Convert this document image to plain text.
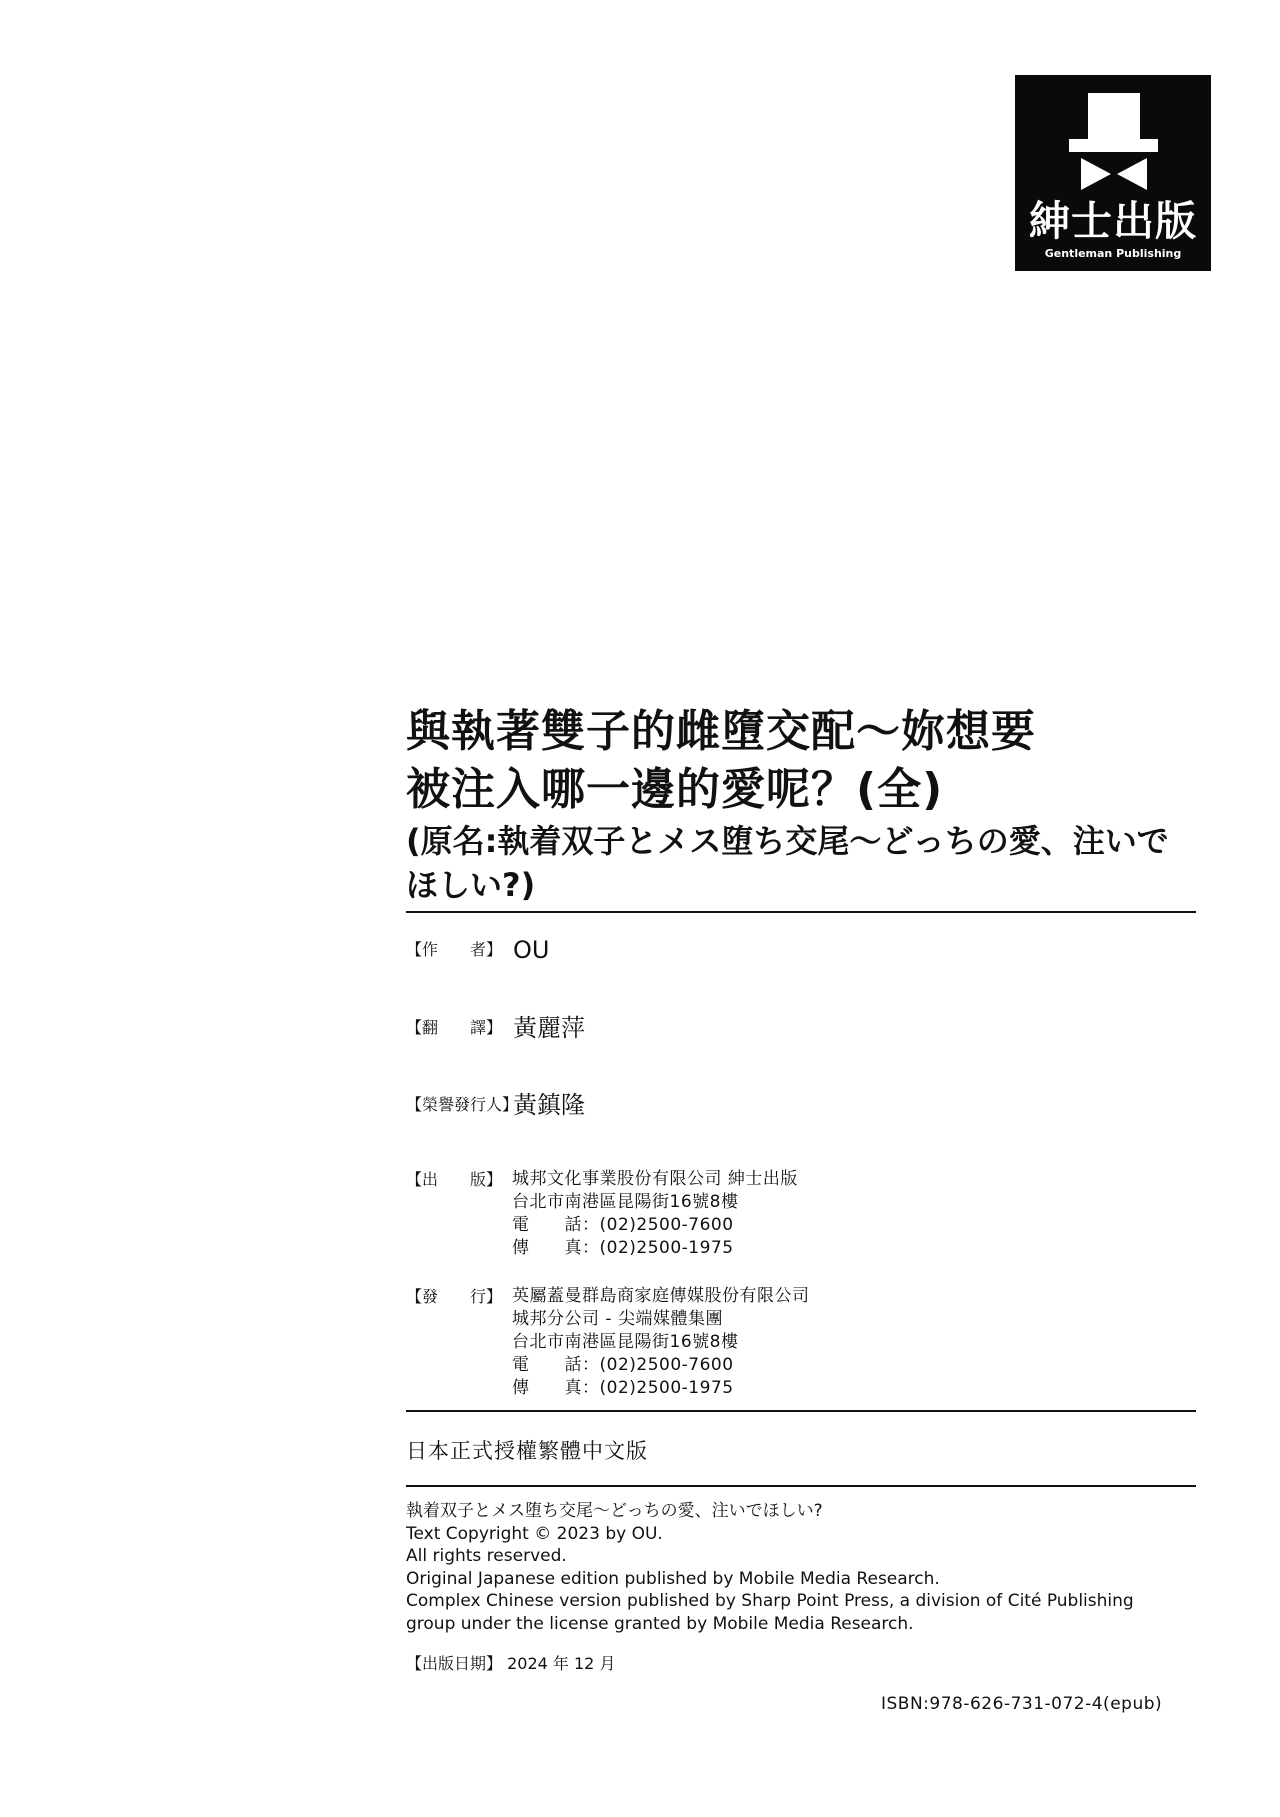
紳士出版
Gentleman Publishing
與執著雙子的雌墮交配～妳想要
被注入哪一邊的愛呢？(全)
(原名:執着双子とメス堕ち交尾～どっちの愛、注いで
ほしい?)
【作　　者】 OU
【翻　　譯】 黃麗萍
【榮譽發行人】
黃鎮隆
【出　　版】 城邦文化事業股份有限公司 紳士出版
台北市南港區昆陽街16號8樓
電　　話：(02)2500-7600
傳　　真：(02)2500-1975
【發　　行】 英屬蓋曼群島商家庭傳媒股份有限公司
城邦分公司 - 尖端媒體集團
台北市南港區昆陽街16號8樓
電　　話：(02)2500-7600
傳　　真：(02)2500-1975
日本正式授權繁體中文版
執着双子とメス堕ち交尾～どっちの愛、注いでほしい?
Text Copyright © 2023 by OU.
All rights reserved.
Original Japanese edition published by Mobile Media Research.
Complex Chinese version published by Sharp Point Press, a division of Cité Publishing
group under the license granted by Mobile Media Research.
【出版日期】 2024 年 12 月
ISBN:978-626-731-072-4(epub)
